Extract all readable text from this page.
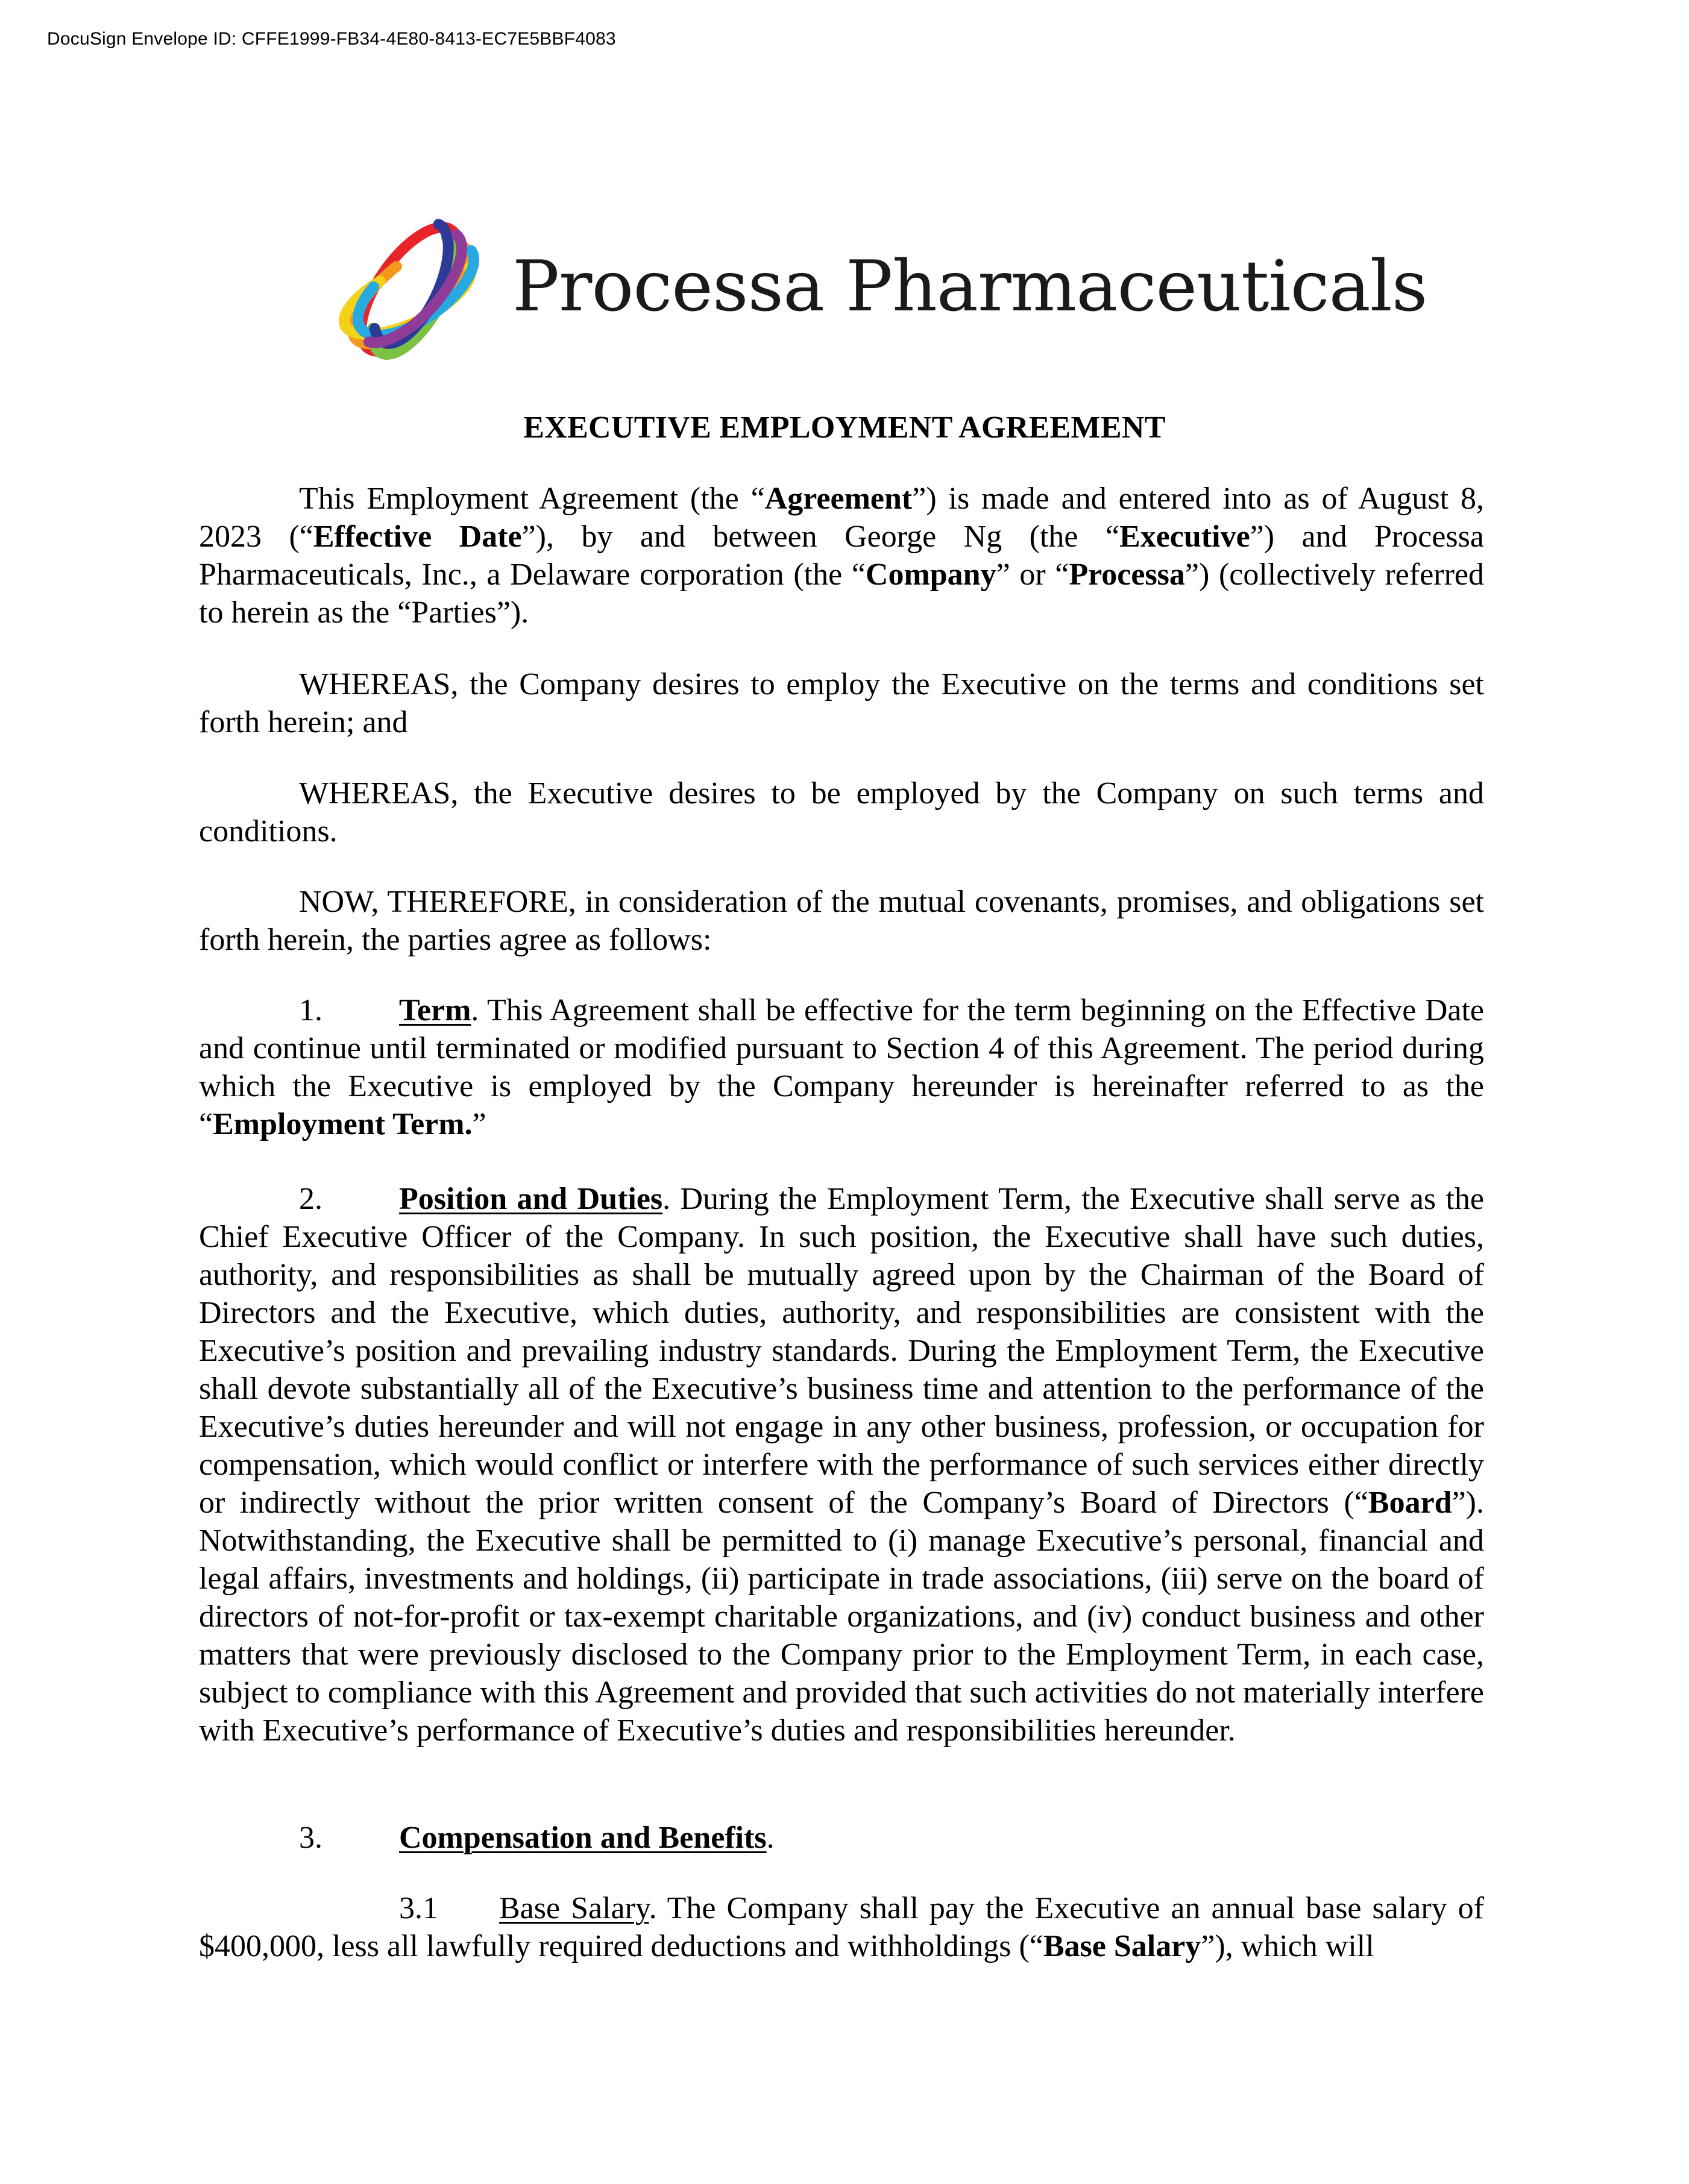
DocuSign Envelope ID: CFFE1999-FB34-4E80-8413-EC7E5BBF4083
Processa Pharmaceuticals
EXECUTIVE EMPLOYMENT AGREEMENT

This Employment Agreement (the “Agreement”) is made and entered into as of August 8, 2023 (“Effective Date”), by and between George Ng (the “Executive”) and Processa Pharmaceuticals, Inc., a Delaware corporation (the “Company” or “Processa”) (collectively referred to herein as the “Parties”).

WHEREAS, the Company desires to employ the Executive on the terms and conditions set forth herein; and

WHEREAS, the Executive desires to be employed by the Company on such terms and conditions.

NOW, THEREFORE, in consideration of the mutual covenants, promises, and obligations set forth herein, the parties agree as follows:

1. Term. This Agreement shall be effective for the term beginning on the Effective Date and continue until terminated or modified pursuant to Section 4 of this Agreement. The period during which the Executive is employed by the Company hereunder is hereinafter referred to as the “Employment Term.”

2. Position and Duties. During the Employment Term, the Executive shall serve as the Chief Executive Officer of the Company. In such position, the Executive shall have such duties, authority, and responsibilities as shall be mutually agreed upon by the Chairman of the Board of Directors and the Executive, which duties, authority, and responsibilities are consistent with the Executive’s position and prevailing industry standards. During the Employment Term, the Executive shall devote substantially all of the Executive’s business time and attention to the performance of the Executive’s duties hereunder and will not engage in any other business, profession, or occupation for compensation, which would conflict or interfere with the performance of such services either directly or indirectly without the prior written consent of the Company’s Board of Directors (“Board”). Notwithstanding, the Executive shall be permitted to (i) manage Executive’s personal, financial and legal affairs, investments and holdings, (ii) participate in trade associations, (iii) serve on the board of directors of not-for-profit or tax-exempt charitable organizations, and (iv) conduct business and other matters that were previously disclosed to the Company prior to the Employment Term, in each case, subject to compliance with this Agreement and provided that such activities do not materially interfere with Executive’s performance of Executive’s duties and responsibilities hereunder.

3. Compensation and Benefits.

3.1 Base Salary. The Company shall pay the Executive an annual base salary of $400,000, less all lawfully required deductions and withholdings (“Base Salary”), which will
